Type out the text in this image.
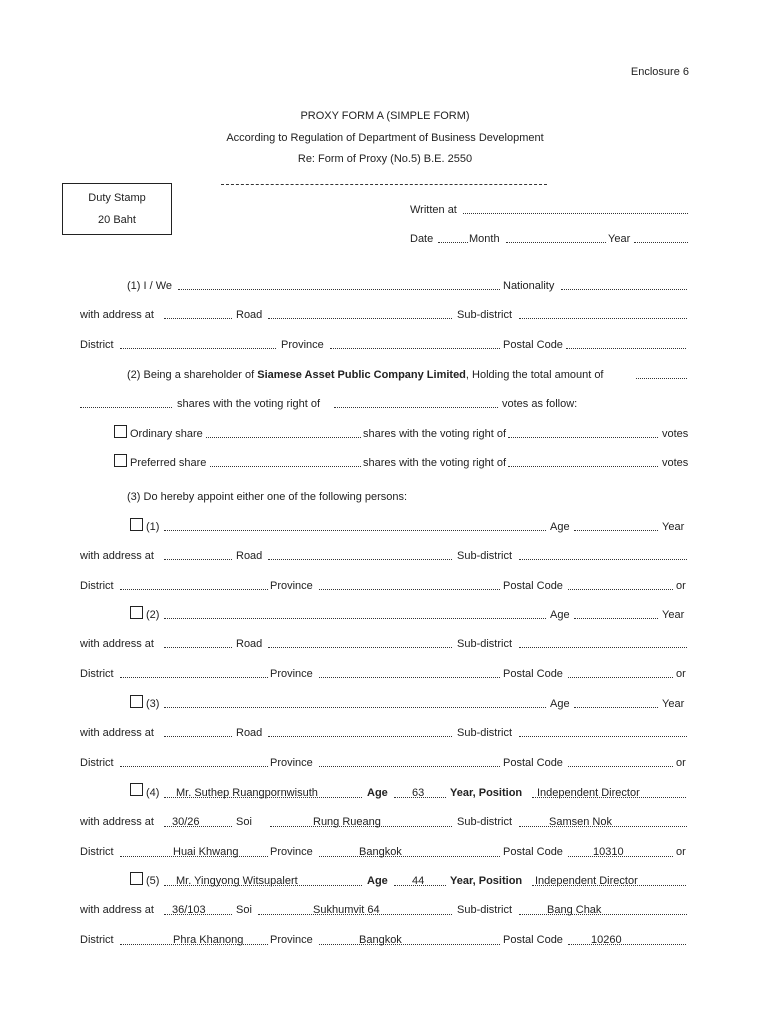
Enclosure 6
PROXY FORM A (SIMPLE FORM)
According to Regulation of Department of Business Development
Re: Form of Proxy (No.5) B.E. 2550
Duty Stamp
20 Baht
Written at
Date	Month	Year
(1) I / We	Nationality
with address at	Road	Sub-district
District	Province	Postal Code
(2) Being a shareholder of Siamese Asset Public Company Limited, Holding the total amount of
shares with the voting right of	votes as follow:
Ordinary share	shares with the voting right of	votes
Preferred share	shares with the voting right of	votes
(3) Do hereby appoint either one of the following persons:
(1)	Age	Year
with address at	Road	Sub-district
District	Province	Postal Code	or
(2)	Age	Year
with address at	Road	Sub-district
District	Province	Postal Code	or
(3)	Age	Year
with address at	Road	Sub-district
District	Province	Postal Code	or
(4) Mr. Suthep Ruangpornwisuth	Age 63 Year, Position Independent Director
with address at 30/26	Soi	Rung Rueang	Sub-district	Samsen Nok
District	Huai Khwang	Province	Bangkok	Postal Code	10310	or
(5) Mr. Yingyong Witsupalert	Age 44 Year, Position Independent Director
with address at 36/103	Soi	Sukhumvit 64	Sub-district	Bang Chak
District	Phra Khanong Province	Bangkok	Postal Code	10260
